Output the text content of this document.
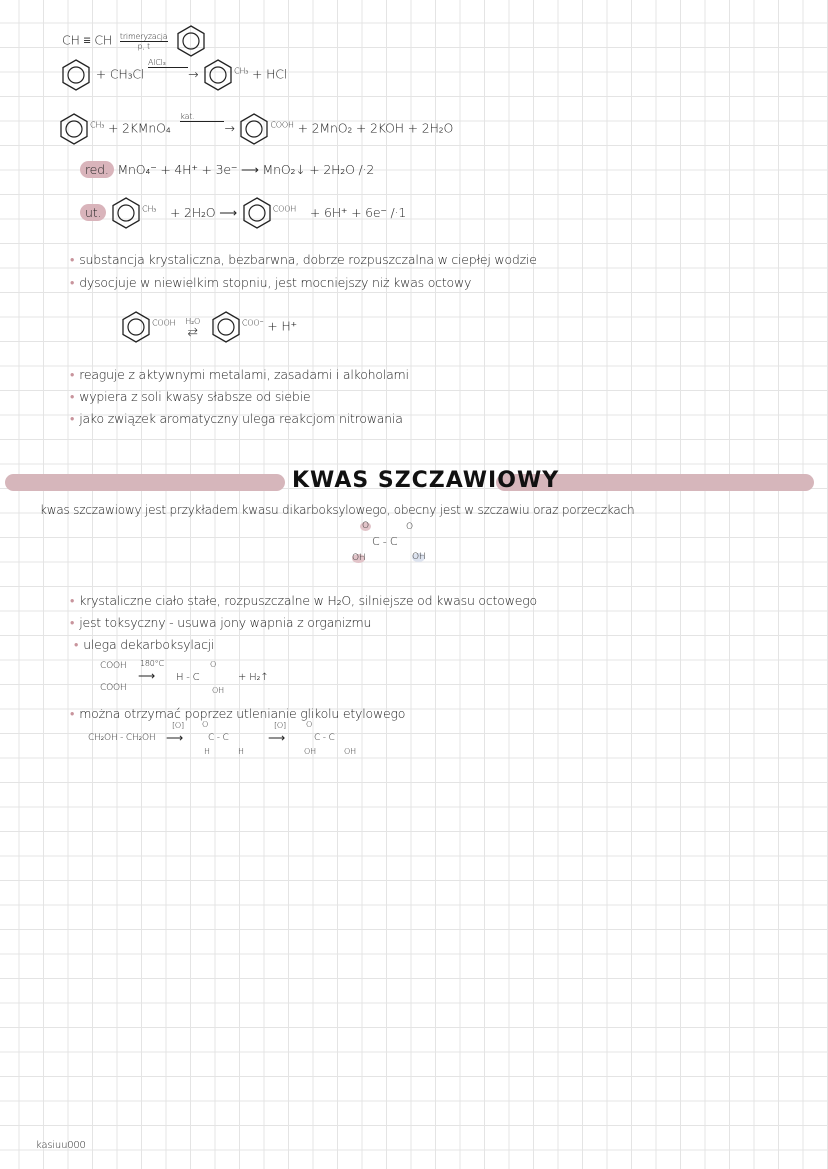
CH ≡ CH trimeryzacja
p, t

+ CH₃Cl AlCl₃→	$^{CH_3}$ + HCl
$^{CH_3}$ + 2KMnO₄ kat.→	$^{COOH}$ + 2MnO₂ + 2KOH + 2H₂O
red. MnO₄⁻ + 4H⁺ + 3e⁻ ⟶ MnO₂↓ + 2H₂O /·2
ut.	$^{CH_3}$ + 2H₂O ⟶	$^{COOH}$ + 6H⁺ + 6e⁻ /·1
• substancja krystaliczna, bezbarwna, dobrze rozpuszczalna w ciepłej wodzie
• dysocjuje w niewielkim stopniu, jest mocniejszy niż kwas octowy
$^{COOH}$ H₂O
⇄
$^{COO^-}$ + H⁺
• reaguje z aktywnymi metalami, zasadami i alkoholami
• wypiera z soli kwasy słabsze od siebie
• jako związek aromatyczny ulega reakcjom nitrowania
KWAS SZCZAWIOWY
kwas szczawiowy jest przykładem kwasu dikarboksylowego, obecny jest w szczawiu oraz porzeczkach
O	O
C - C
OH	OH
• krystaliczne ciało stałe, rozpuszczalne w H₂O, silniejsze od kwasu octowego
• jest toksyczny - usuwa jony wapnia z organizmu
• ulega dekarboksylacji
COOH
COOH
180°C
⟶ H - C
O
OH
+ H₂↑
• można otrzymać poprzez utlenianie glikolu etylowego
CH₂OH - CH₂OH
[O]
⟶
O
C - C
H	H
[O]
⟶
O
C - C
OH	OH
kasiuu000
